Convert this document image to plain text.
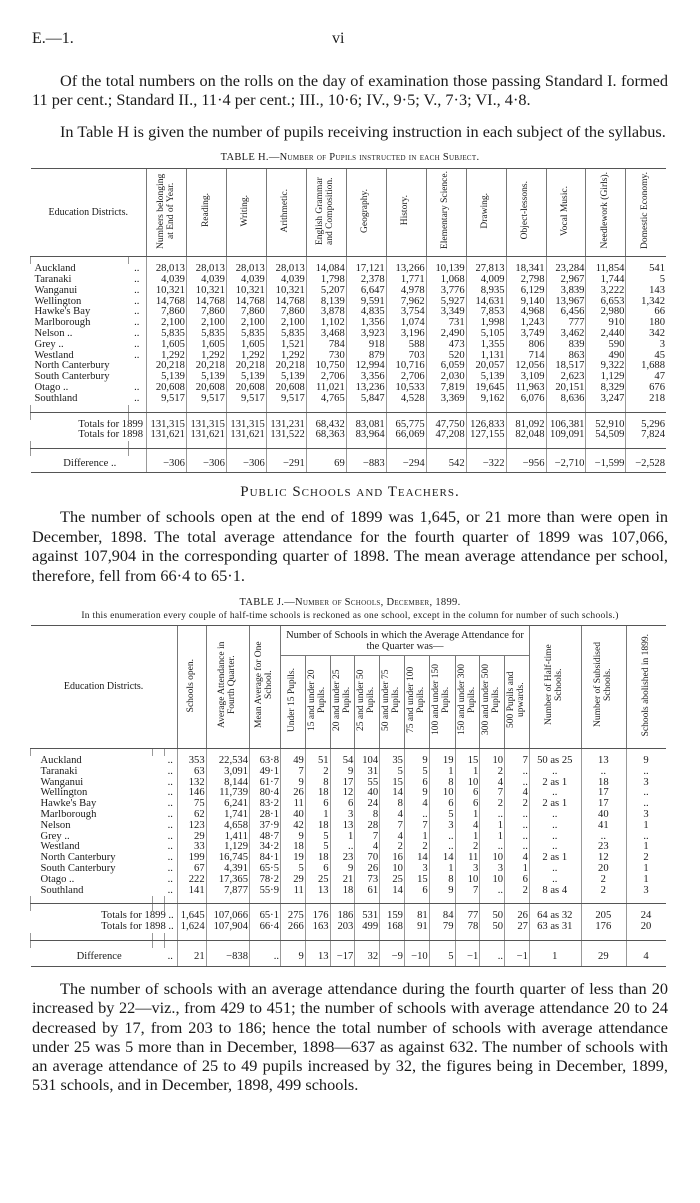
E.—1.	vi

Of the total numbers on the rolls on the day of examination those passing Standard I. formed 11 per cent.; Standard II., 11·4 per cent.; III., 10·6; IV., 9·5; V., 7·3; VI., 4·8.

In Table H is given the number of pupils receiving instruction in each subject of the syllabus.

TABLE H.—Number of Pupils instructed in each Subject.
Education Districts.		Numbers belonging at End of Year.	Reading.	Writing.	Arithmetic.	English Grammar and Composition.	Geography.	History.	Elementary Science.	Drawing.	Object-lessons.	Vocal Music.	Needlework (Girls).	Domestic Economy.

Auckland	..	28,013	28,013	28,013	28,013	14,084	17,121	13,266	10,139	27,813	18,341	23,284	11,854	541
Taranaki	..	4,039	4,039	4,039	4,039	1,798	2,378	1,771	1,068	4,009	2,798	2,967	1,744	5
Wanganui	..	10,321	10,321	10,321	10,321	5,207	6,647	4,978	3,776	8,935	6,129	3,839	3,222	143
Wellington	..	14,768	14,768	14,768	14,768	8,139	9,591	7,962	5,927	14,631	9,140	13,967	6,653	1,342
Hawke's Bay	..	7,860	7,860	7,860	7,860	3,878	4,835	3,754	3,349	7,853	4,968	6,456	2,980	66
Marlborough	..	2,100	2,100	2,100	2,100	1,102	1,356	1,074	731	1,998	1,243	777	910	180
Nelson ..	..	5,835	5,835	5,835	5,835	3,468	3,923	3,196	2,490	5,105	3,749	3,462	2,440	342
Grey ..	..	1,605	1,605	1,605	1,521	784	918	588	473	1,355	806	839	590	3
Westland	..	1,292	1,292	1,292	1,292	730	879	703	520	1,131	714	863	490	45
North Canterbury		20,218	20,218	20,218	20,218	10,750	12,994	10,716	6,059	20,057	12,056	18,517	9,322	1,688
South Canterbury		5,139	5,139	5,139	5,139	2,706	3,356	2,706	2,030	5,139	3,109	2,623	1,129	47
Otago ..	..	20,608	20,608	20,608	20,608	11,021	13,236	10,533	7,819	19,645	11,963	20,151	8,329	676
Southland	..	9,517	9,517	9,517	9,517	4,765	5,847	4,528	3,369	9,162	6,076	8,636	3,247	218

Totals for 1899		131,315	131,315	131,315	131,231	68,432	83,081	65,775	47,750	126,833	81,092	106,381	52,910	5,296
Totals for 1898		131,621	131,621	131,621	131,522	68,363	83,964	66,069	47,208	127,155	82,048	109,091	54,509	7,824

Difference ..		−306	−306	−306	−291	69	−883	−294	542	−322	−956	−2,710	−1,599	−2,528
Public Schools and Teachers.

The number of schools open at the end of 1899 was 1,645, or 21 more than were open in December, 1898. The total average attendance for the fourth quarter of 1899 was 107,066, against 107,904 in the corresponding quarter of 1898. The mean average attendance per school, therefore, fell from 66·4 to 65·1.

TABLE J.—Number of Schools, December, 1899.
In this enumeration every couple of half-time schools is reckoned as one school, except in the column for number of such schools.)
Education Districts.			Schools open.	Average Attendance in Fourth Quarter.	Mean Average for One School.	Number of Schools in which the Average Attendance for the Quarter was—										Number of Half-time Schools.	Number of Subsidised Schools.	Schools abolished in 1899.
						Under 15 Pupils.	15 and under 20 Pupils.	20 and under 25 Pupils.	25 and under 50 Pupils.	50 and under 75 Pupils.	75 and under 100 Pupils.	100 and under 150 Pupils.	150 and under 300 Pupils.	300 and under 500 Pupils.	500 Pupils and upwards.			

Auckland		..	353	22,534	63·8	49	51	54	104	35	9	19	15	10	7	50 as 25	13	9
Taranaki		..	63	3,091	49·1	7	2	9	31	5	5	1	1	2	..	..	..	..
Wanganui		..	132	8,144	61·7	9	8	17	55	15	6	8	10	4	..	2 as 1	18	3
Wellington		..	146	11,739	80·4	26	18	12	40	14	9	10	6	7	4	..	17	..
Hawke's Bay		..	75	6,241	83·2	11	6	6	24	8	4	6	6	2	2	2 as 1	17	..
Marlborough		..	62	1,741	28·1	40	1	3	8	4	..	5	1	..	..	..	40	3
Nelson		..	123	4,658	37·9	42	18	13	28	7	7	3	4	1	..	..	41	1
Grey ..		..	29	1,411	48·7	9	5	1	7	4	1	..	1	1	..	..	..	..
Westland		..	33	1,129	34·2	18	5	..	4	2	2	..	2	..	..	..	23	1
North Canterbury		..	199	16,745	84·1	19	18	23	70	16	14	14	11	10	4	2 as 1	12	2
South Canterbury		..	67	4,391	65·5	5	6	9	26	10	3	1	3	3	1	..	20	1
Otago ..		..	222	17,365	78·2	29	25	21	73	25	15	8	10	10	6	..	2	1
Southland		..	141	7,877	55·9	11	13	18	61	14	6	9	7	..	2	8 as 4	2	3

Totals for 1899 ..			1,645	107,066	65·1	275	176	186	531	159	81	84	77	50	26	64 as 32	205	24
Totals for 1898 ..			1,624	107,904	66·4	266	163	203	499	168	91	79	78	50	27	63 as 31	176	20

Difference		..	21	−838	..	9	13	−17	32	−9	−10	5	−1	..	−1	1	29	4

The number of schools with an average attendance during the fourth quarter of less than 20 increased by 22—viz., from 429 to 451; the number of schools with average attendance 20 to 24 decreased by 17, from 203 to 186; hence the total number of schools with average attendance under 25 was 5 more than in December, 1898—637 as against 632. The number of schools with an average attendance of 25 to 49 pupils increased by 32, the figures being in December, 1899, 531 schools, and in December, 1898, 499 schools.
